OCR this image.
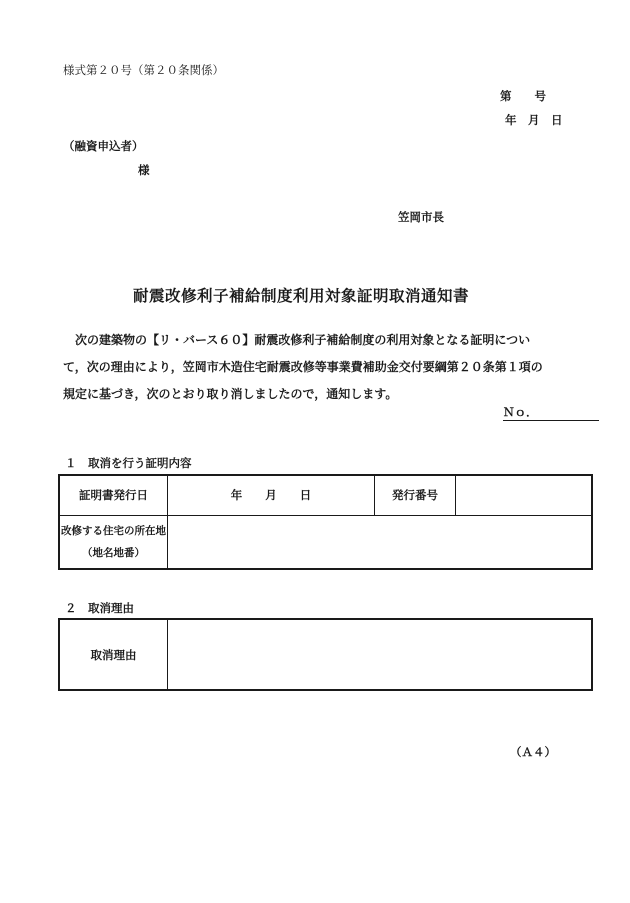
様式第２０号（第２０条関係）
第　　号
年　月　日
（融資申込者）
様
笠岡市長
耐震改修利子補給制度利用対象証明取消通知書
次の建築物の【リ・バース６０】耐震改修利子補給制度の利用対象となる証明につい
て，次の理由により，笠岡市木造住宅耐震改修等事業費補助金交付要綱第２０条第１項の
規定に基づき，次のとおり取り消しましたので，通知します。
Ｎｏ．
１　取消を行う証明内容
証明書発行日	年　　月　　日	発行番号	

改修する住宅の所在地
（地名地番）			

２　取消理由
取消理由	
（Ａ４）
